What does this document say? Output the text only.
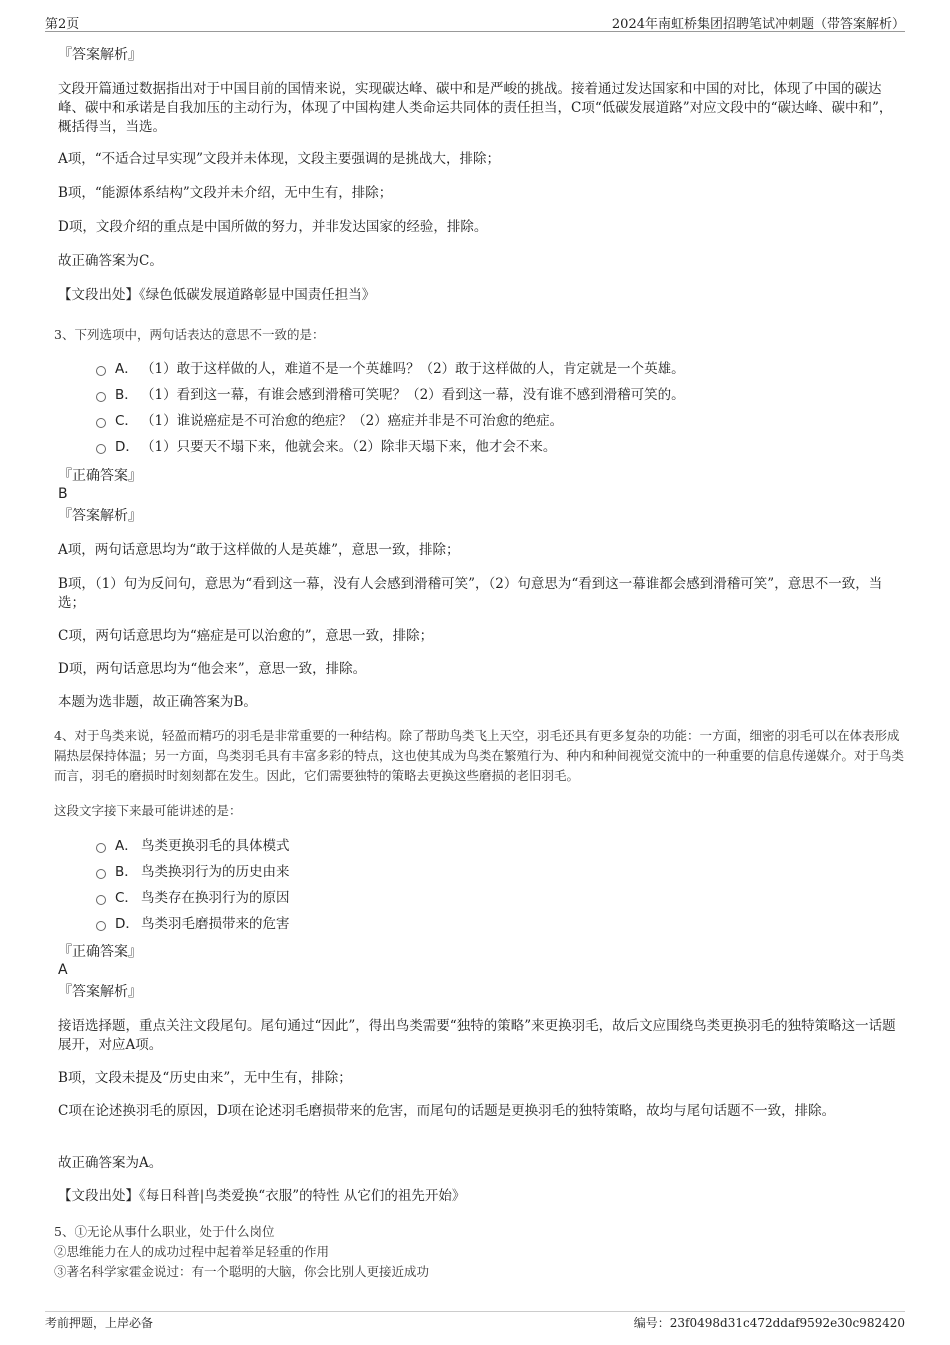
第2页	2024年南虹桥集团招聘笔试冲刺题（带答案解析）
『答案解析』

文段开篇通过数据指出对于中国目前的国情来说，实现碳达峰、碳中和是严峻的挑战。接着通过发达国家和中国的对比，体现了中国的碳达峰、碳中和承诺是自我加压的主动行为，体现了中国构建人类命运共同体的责任担当，C项“低碳发展道路”对应文段中的“碳达峰、碳中和”，概括得当，当选。

A项，“不适合过早实现”文段并未体现，文段主要强调的是挑战大，排除；

B项，“能源体系结构”文段并未介绍，无中生有，排除；

D项，文段介绍的重点是中国所做的努力，并非发达国家的经验，排除。

故正确答案为C。

【文段出处】《绿色低碳发展道路彰显中国责任担当》

3、下列选项中，两句话表达的意思不一致的是：

A． （1）敢于这样做的人，难道不是一个英雄吗？（2）敢于这样做的人，肯定就是一个英雄。
B． （1）看到这一幕，有谁会感到滑稽可笑呢？（2）看到这一幕，没有谁不感到滑稽可笑的。
C． （1）谁说癌症是不可治愈的绝症？（2）癌症并非是不可治愈的绝症。
D． （1）只要天不塌下来，他就会来。（2）除非天塌下来，他才会不来。
『正确答案』
B
『答案解析』

A项，两句话意思均为“敢于这样做的人是英雄”，意思一致，排除；

B项，（1）句为反问句，意思为“看到这一幕，没有人会感到滑稽可笑”，（2）句意思为“看到这一幕谁都会感到滑稽可笑”，意思不一致，当选；

C项，两句话意思均为“癌症是可以治愈的”，意思一致，排除；

D项，两句话意思均为“他会来”，意思一致，排除。

本题为选非题，故正确答案为B。

4、对于鸟类来说，轻盈而精巧的羽毛是非常重要的一种结构。除了帮助鸟类飞上天空，羽毛还具有更多复杂的功能：一方面，细密的羽毛可以在体表形成隔热层保持体温；另一方面，鸟类羽毛具有丰富多彩的特点，这也使其成为鸟类在繁殖行为、种内和种间视觉交流中的一种重要的信息传递媒介。对于鸟类而言，羽毛的磨损时时刻刻都在发生。因此，它们需要独特的策略去更换这些磨损的老旧羽毛。

这段文字接下来最可能讲述的是：

A． 鸟类更换羽毛的具体模式
B． 鸟类换羽行为的历史由来
C． 鸟类存在换羽行为的原因
D． 鸟类羽毛磨损带来的危害
『正确答案』
A
『答案解析』

接语选择题，重点关注文段尾句。尾句通过“因此”，得出鸟类需要“独特的策略”来更换羽毛，故后文应围绕鸟类更换羽毛的独特策略这一话题展开，对应A项。

B项，文段未提及“历史由来”，无中生有，排除；

C项在论述换羽毛的原因，D项在论述羽毛磨损带来的危害，而尾句的话题是更换羽毛的独特策略，故均与尾句话题不一致，排除。

故正确答案为A。

【文段出处】《每日科普|鸟类爱换“衣服”的特性 从它们的祖先开始》

5、①无论从事什么职业，处于什么岗位

②思维能力在人的成功过程中起着举足轻重的作用

③著名科学家霍金说过：有一个聪明的大脑，你会比别人更接近成功

考前押题，上岸必备	编号：23f0498d31c472ddaf9592e30c982420
